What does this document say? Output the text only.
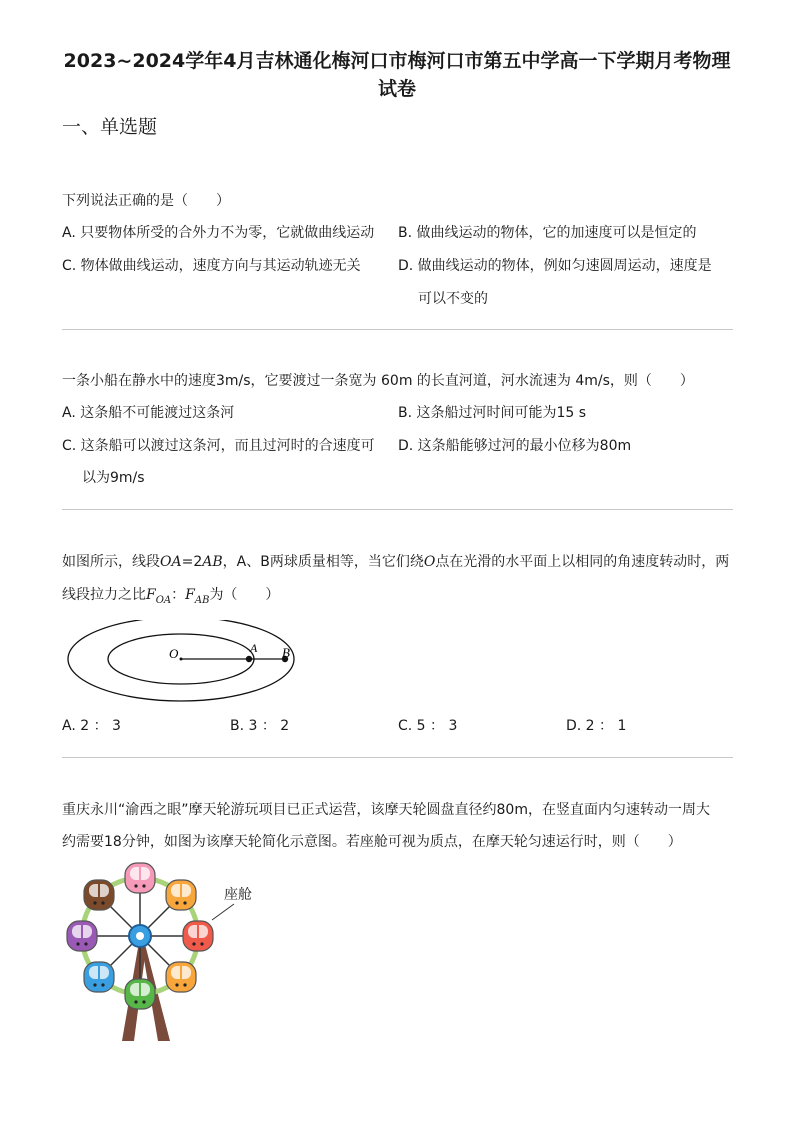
2023~2024学年4月吉林通化梅河口市梅河口市第五中学高一下学期月考物理
试卷
一、单选题
下列说法正确的是（　　）
A. 只要物体所受的合外力不为零，它就做曲线运动 B. 做曲线运动的物体，它的加速度可以是恒定的
C. 物体做曲线运动，速度方向与其运动轨迹无关	D. 做曲线运动的物体，例如匀速圆周运动，速度是
可以不变的
一条小船在静水中的速度3m/s，它要渡过一条宽为 60m 的长直河道，河水流速为 4m/s，则（　　）
A. 这条船不可能渡过这条河	B. 这条船过河时间可能为15 s
C. 这条船可以渡过这条河，而且过河时的合速度可 D. 这条船能够过河的最小位移为80m
以为9m/s
如图所示，线段OA=2AB，A、B两球质量相等，当它们绕O点在光滑的水平面上以相同的角速度转动时，两
线段拉力之比$F_{OA}$：$F_{AB}$为（　　）
O	A B
A. 2 ： 3	B. 3 ： 2	C. 5 ： 3	D. 2 ： 1
重庆永川“渝西之眼”摩天轮游玩项目已正式运营，该摩天轮圆盘直径约80m，在竖直面内匀速转动一周大
约需要18分钟，如图为该摩天轮简化示意图。若座舱可视为质点，在摩天轮匀速运行时，则（　　）
座舱
